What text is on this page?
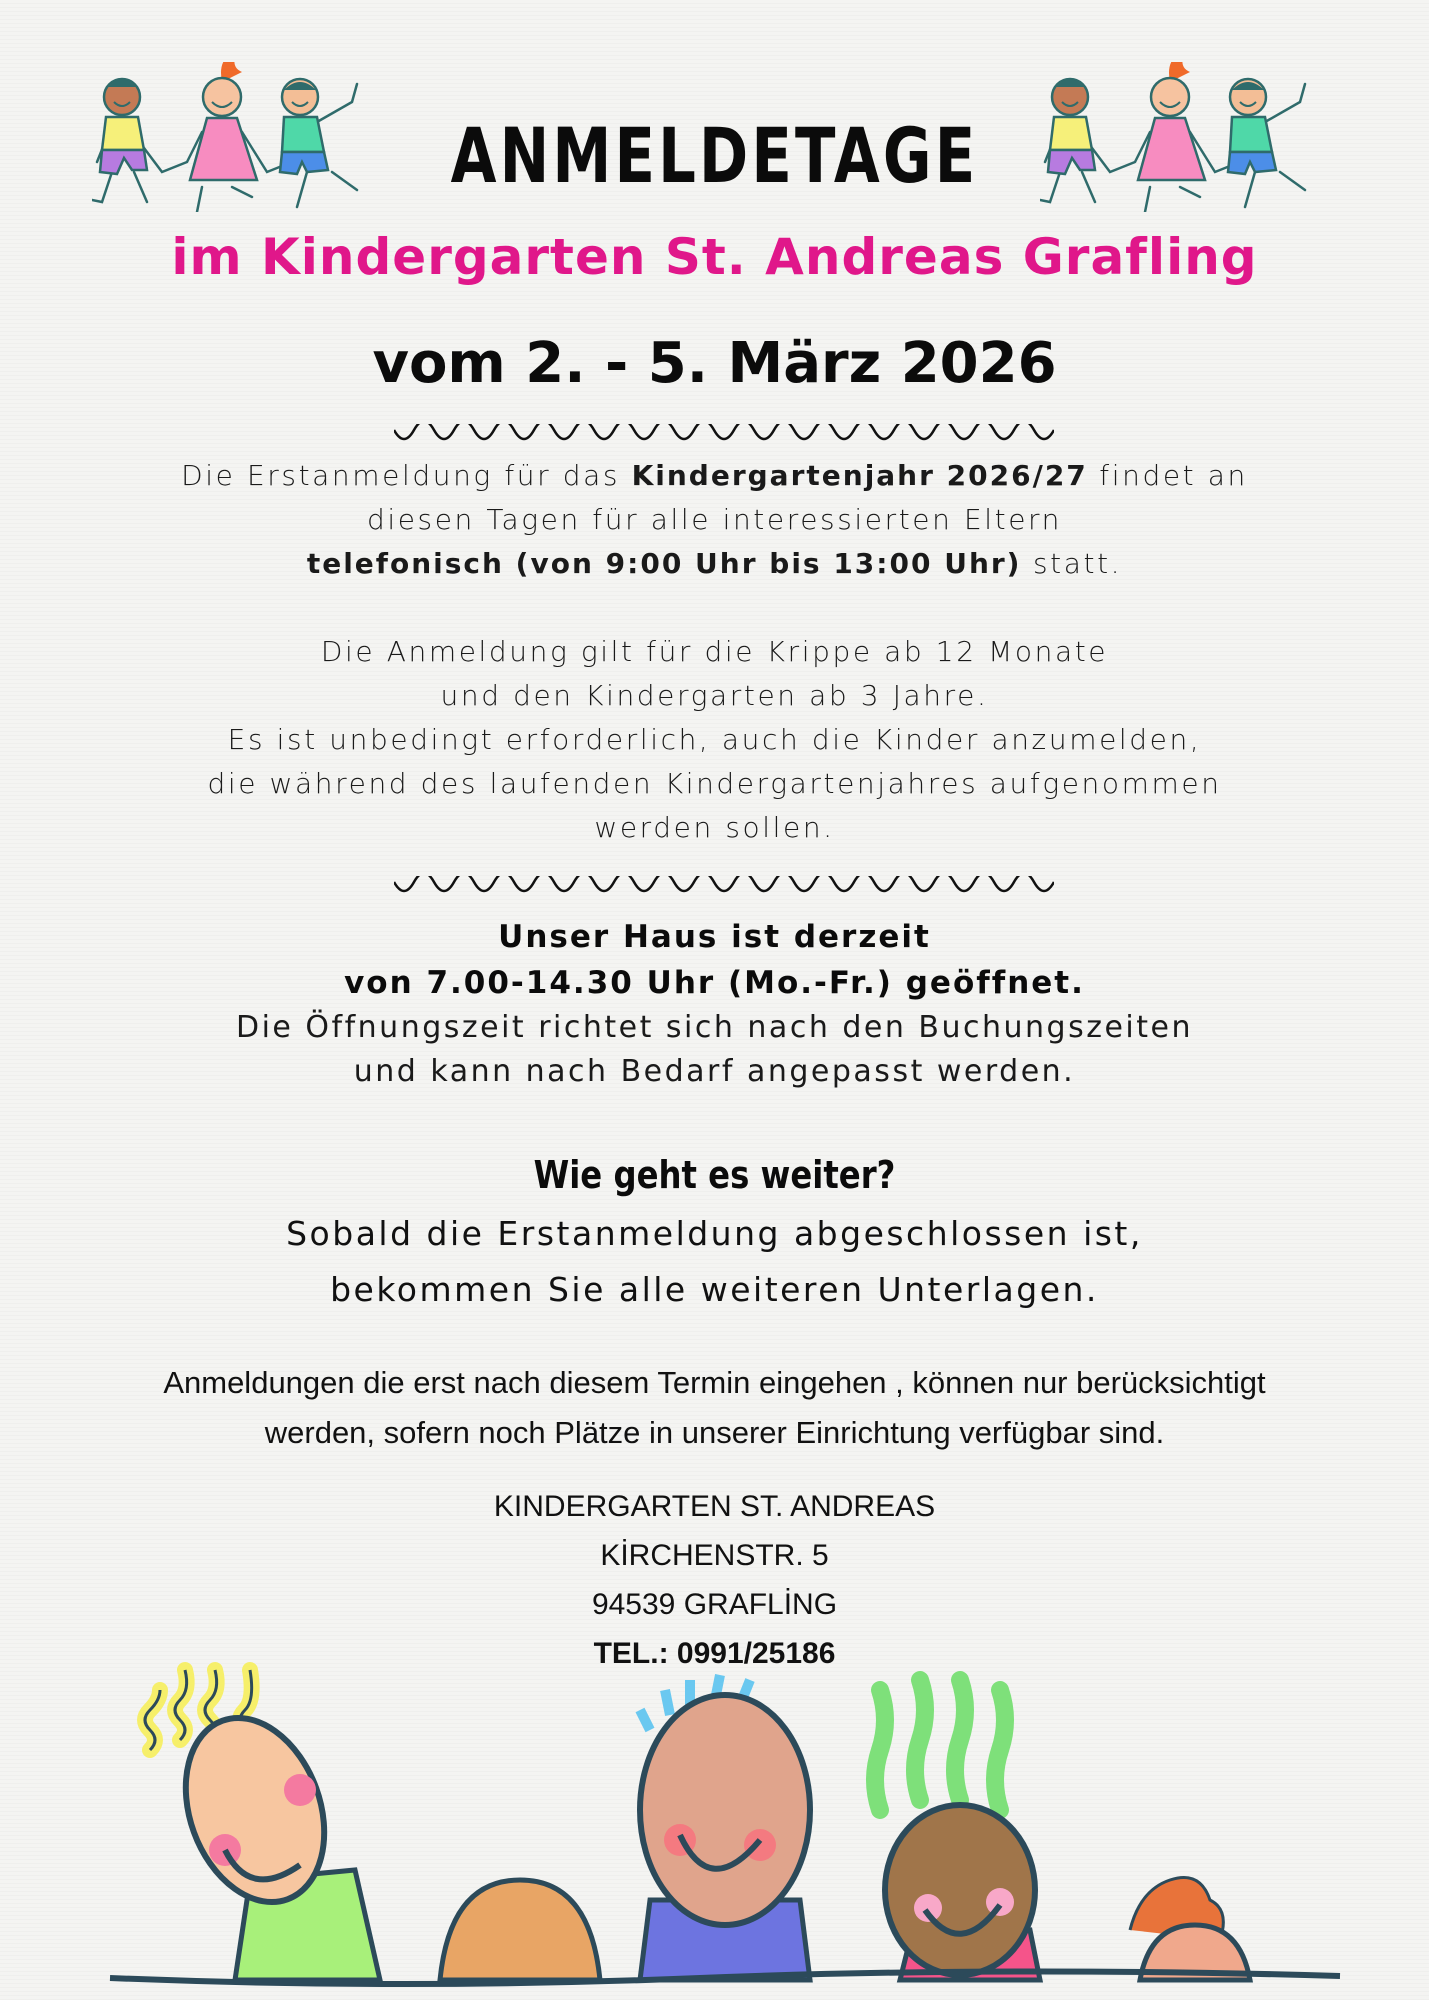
ANMELDETAGE
im Kindergarten St. Andreas Grafling
vom 2. - 5. März 2026
Die Erstanmeldung für das Kindergartenjahr 2026/27 findet an
diesen Tagen für alle interessierten Eltern
telefonisch (von 9:00 Uhr bis 13:00 Uhr) statt.
Die Anmeldung gilt für die Krippe ab 12 Monate
und den Kindergarten ab 3 Jahre.
Es ist unbedingt erforderlich, auch die Kinder anzumelden,
die während des laufenden Kindergartenjahres aufgenommen
werden sollen.
Unser Haus ist derzeit
von 7.00-14.30 Uhr (Mo.-Fr.) geöffnet.
Die Öffnungszeit richtet sich nach den Buchungszeiten
und kann nach Bedarf angepasst werden.
Wie geht es weiter?
Sobald die Erstanmeldung abgeschlossen ist,
bekommen Sie alle weiteren Unterlagen.
Anmeldungen die erst nach diesem Termin eingehen , können nur berücksichtigt
werden, sofern noch Plätze in unserer Einrichtung verfügbar sind.
KINDERGARTEN ST. ANDREAS
KİRCHENSTR. 5
94539 GRAFLİNG
TEL.: 0991/25186
